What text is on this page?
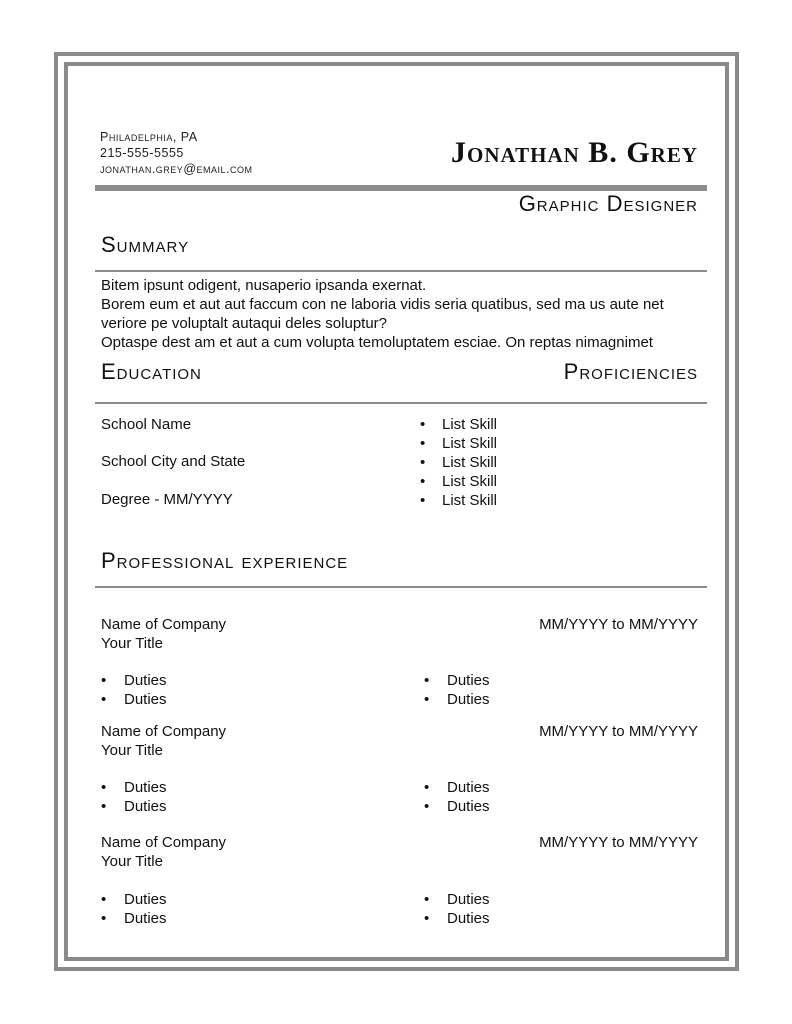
Philadelphia, PA
215-555-5555
jonathan.grey@email.com	Jonathan B. Grey
Graphic Designer
Summary
Bitem ipsunt odigent, nusaperio ipsanda exernat.
Borem eum et aut aut faccum con ne laboria vidis seria quatibus, sed ma us aute net
veriore pe voluptalt autaqui deles soluptur?
Optaspe dest am et aut a cum volupta temoluptatem esciae. On reptas nimagnimet
Education	Proficiencies
School Name
School City and State
Degree - MM/YYYY
• List Skill
• List Skill
• List Skill
• List Skill
• List Skill
Professional experience
Name of Company	MM/YYYY to MM/YYYY
Your Title
• Duties
• Duties
• Duties
• Duties
Name of Company	MM/YYYY to MM/YYYY
Your Title
• Duties
• Duties
• Duties
• Duties
Name of Company	MM/YYYY to MM/YYYY
Your Title
• Duties
• Duties
• Duties
• Duties
